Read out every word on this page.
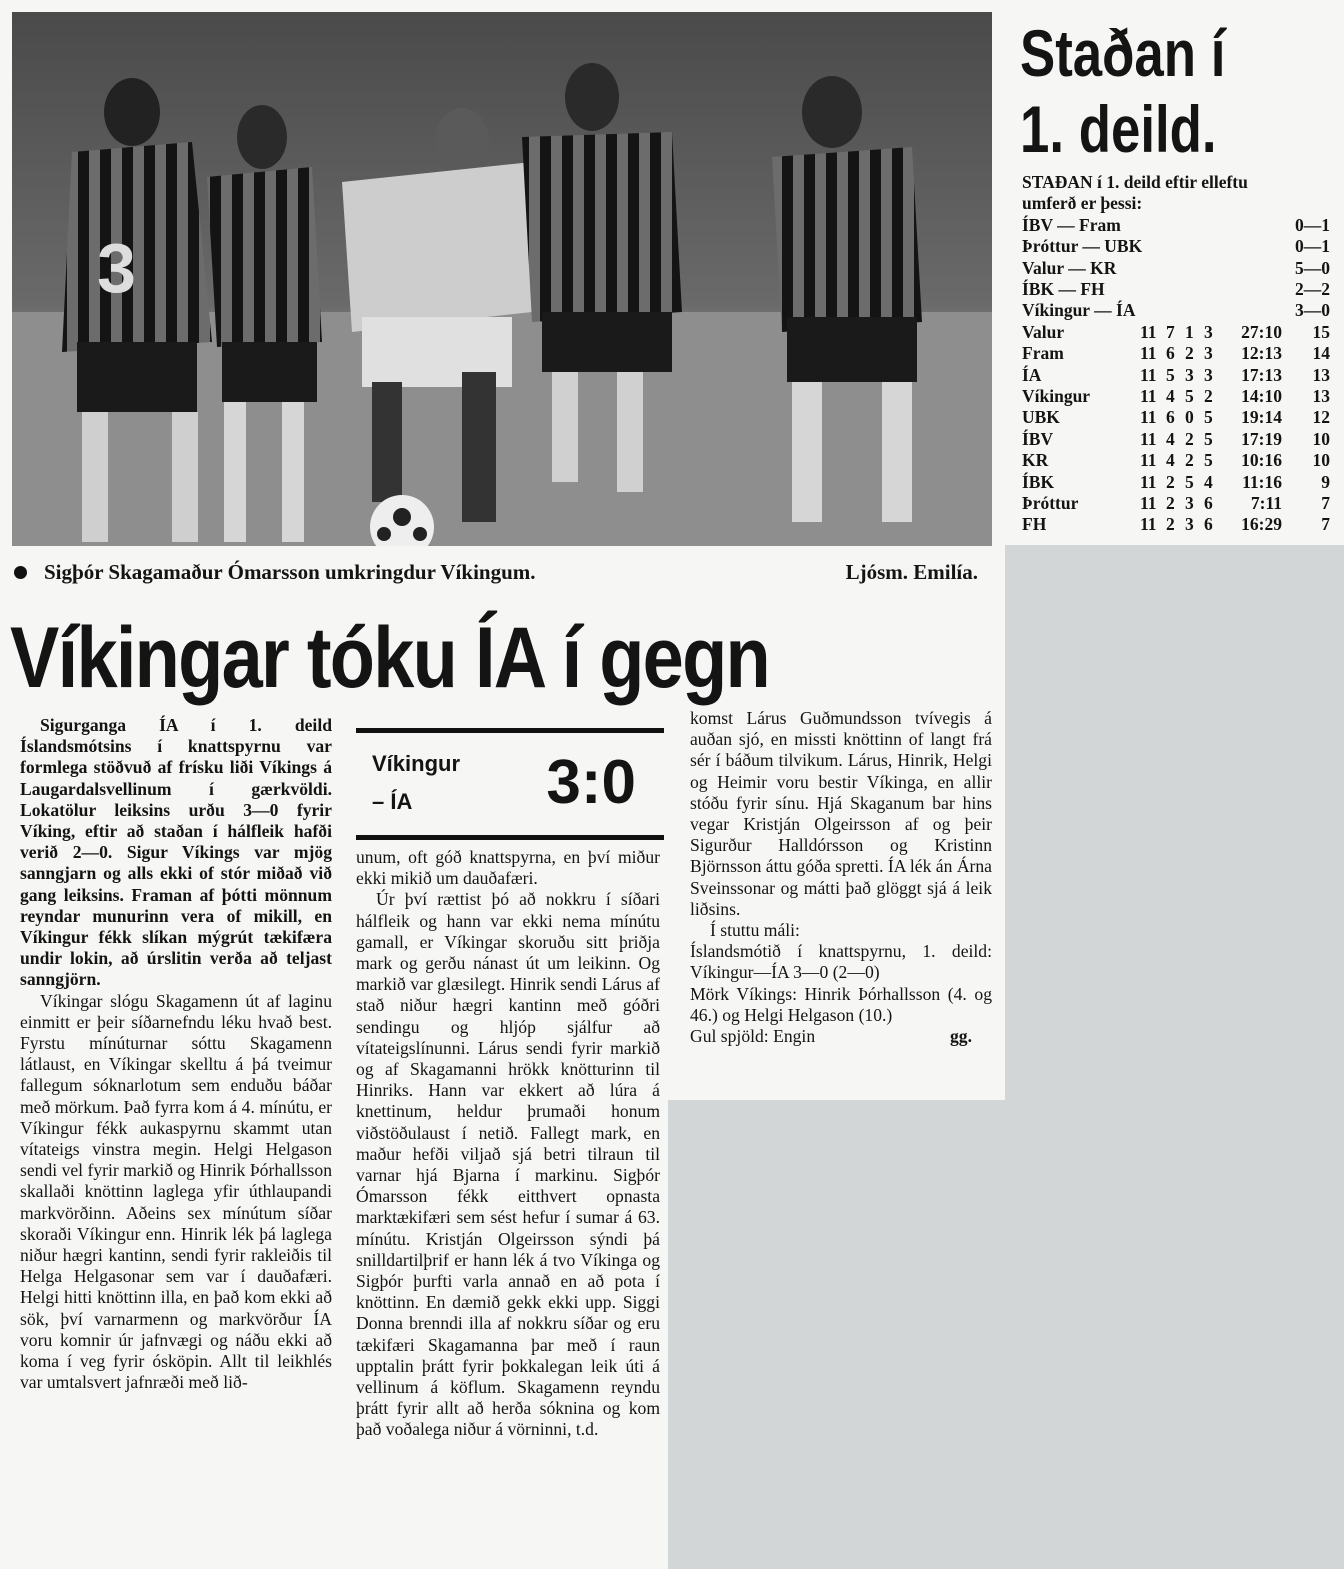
3
Sigþór Skagamaður Ómarsson umkringdur Víkingum.	Ljósm. Emilía.
Víkingar tóku ÍA í gegn
Staðan í
1. deild.
STAÐAN í 1. deild eftir elleftu
umferð er þessi:
ÍBV — Fram	0—1
Þróttur — UBK	0—1
Valur — KR	5—0
ÍBK — FH	2—2
Víkingur — ÍA	3—0
Valur	11 7 1 3 27:10 15
Fram	11 6 2 3 12:13 14
ÍA	11 5 3 3 17:13 13
Víkingur	11 4 5 2 14:10 13
UBK	11 6 0 5 19:14 12
ÍBV	11 4 2 5 17:19 10
KR	11 4 2 5 10:16 10
ÍBK	11 2 5 4 11:16 9
Þróttur	11 2 3 6 7:11 7
FH	11 2 3 6 16:29 7

Sigurganga ÍA í 1. deild Íslandsmótsins í knattspyrnu var formlega stöðvuð af frísku liði Víkings á Laugardalsvellinum í gærkvöldi. Lokatölur leiksins urðu 3—0 fyrir Víking, eftir að staðan í hálfleik hafði verið 2—0. Sigur Víkings var mjög sanngjarn og alls ekki of stór miðað við gang leiksins. Framan af þótti mönnum reyndar munurinn vera of mikill, en Víkingur fékk slíkan mýgrút tækifæra undir lokin, að úrslitin verða að teljast sanngjörn.

Víkingar slógu Skagamenn út af laginu einmitt er þeir síðarnefndu léku hvað best. Fyrstu mínúturnar sóttu Skagamenn látlaust, en Víkingar skelltu á þá tveimur fallegum sóknarlotum sem enduðu báðar með mörkum. Það fyrra kom á 4. mínútu, er Víkingur fékk aukaspyrnu skammt utan vítateigs vinstra megin. Helgi Helgason sendi vel fyrir markið og Hinrik Þórhallsson skallaði knöttinn laglega yfir úthlaupandi markvörðinn. Aðeins sex mínútum síðar skoraði Víkingur enn. Hinrik lék þá laglega niður hægri kantinn, sendi fyrir rakleiðis til Helga Helgasonar sem var í dauðafæri. Helgi hitti knöttinn illa, en það kom ekki að sök, því varnarmenn og markvörður ÍA voru komnir úr jafnvægi og náðu ekki að koma í veg fyrir ósköpin. Allt til leikhlés var umtalsvert jafnræði með lið-

Víkingur
– ÍA	3:0

unum, oft góð knattspyrna, en því miður ekki mikið um dauðafæri.

Úr því rættist þó að nokkru í síðari hálfleik og hann var ekki nema mínútu gamall, er Víkingar skoruðu sitt þriðja mark og gerðu nánast út um leikinn. Og markið var glæsilegt. Hinrik sendi Lárus af stað niður hægri kantinn með góðri sendingu og hljóp sjálfur að vítateigslínunni. Lárus sendi fyrir markið og af Skagamanni hrökk knötturinn til Hinriks. Hann var ekkert að lúra á knettinum, heldur þrumaði honum viðstöðulaust í netið. Fallegt mark, en maður hefði viljað sjá betri tilraun til varnar hjá Bjarna í markinu. Sigþór Ómarsson fékk eitthvert opnasta marktækifæri sem sést hefur í sumar á 63. mínútu. Kristján Olgeirsson sýndi þá snilldartilþrif er hann lék á tvo Víkinga og Sigþór þurfti varla annað en að pota í knöttinn. En dæmið gekk ekki upp. Siggi Donna brenndi illa af nokkru síðar og eru tækifæri Skagamanna þar með í raun upptalin þrátt fyrir þokkalegan leik úti á vellinum á köflum. Skagamenn reyndu þrátt fyrir allt að herða sóknina og kom það voðalega niður á vörninni, t.d.

komst Lárus Guðmundsson tvívegis á auðan sjó, en missti knöttinn of langt frá sér í báðum tilvikum. Lárus, Hinrik, Helgi og Heimir voru bestir Víkinga, en allir stóðu fyrir sínu. Hjá Skaganum bar hins vegar Kristján Olgeirsson af og þeir Sigurður Halldórsson og Kristinn Björnsson áttu góða spretti. ÍA lék án Árna Sveinssonar og mátti það glöggt sjá á leik liðsins.

Í stuttu máli:

Íslandsmótið í knattspyrnu, 1. deild: Víkingur—ÍA 3—0 (2—0)

Mörk Víkings: Hinrik Þórhallsson (4. og 46.) og Helgi Helgason (10.)

Gul spjöld: Engin	gg.
